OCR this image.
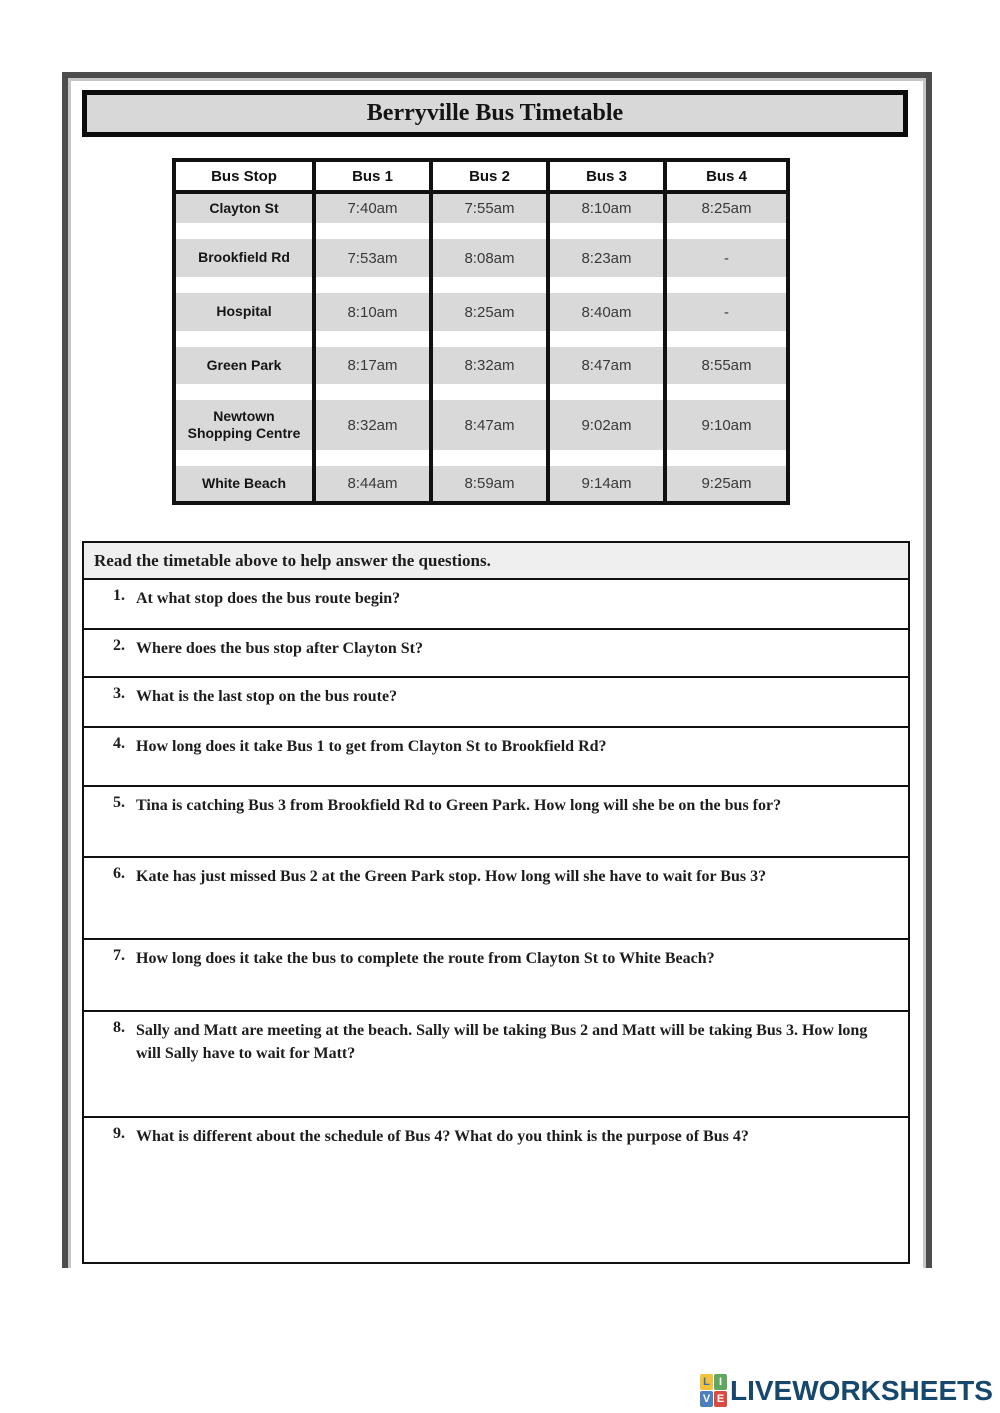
Berryville Bus Timetable
Bus Stop	Bus 1	Bus 2	Bus 3	Bus 4
Clayton St	7:40am	7:55am	8:10am	8:25am
Brookfield Rd	7:53am	8:08am	8:23am	-
Hospital	8:10am	8:25am	8:40am	-
Green Park	8:17am	8:32am	8:47am	8:55am
Newtown Shopping Centre	8:32am	8:47am	9:02am	9:10am
White Beach	8:44am	8:59am	9:14am	9:25am
Read the timetable above to help answer the questions.
1. At what stop does the bus route begin?
2. Where does the bus stop after Clayton St?
3. What is the last stop on the bus route?
4. How long does it take Bus 1 to get from Clayton St to Brookfield Rd?
5. Tina is catching Bus 3 from Brookfield Rd to Green Park. How long will she be on the bus for?
6. Kate has just missed Bus 2 at the Green Park stop. How long will she have to wait for Bus 3?
7. How long does it take the bus to complete the route from Clayton St to White Beach?
8. Sally and Matt are meeting at the beach. Sally will be taking Bus 2 and Matt will be taking Bus 3. How long will Sally have to wait for Matt?
9. What is different about the schedule of Bus 4? What do you think is the purpose of Bus 4?
L I
V E LIVEWORKSHEETS
